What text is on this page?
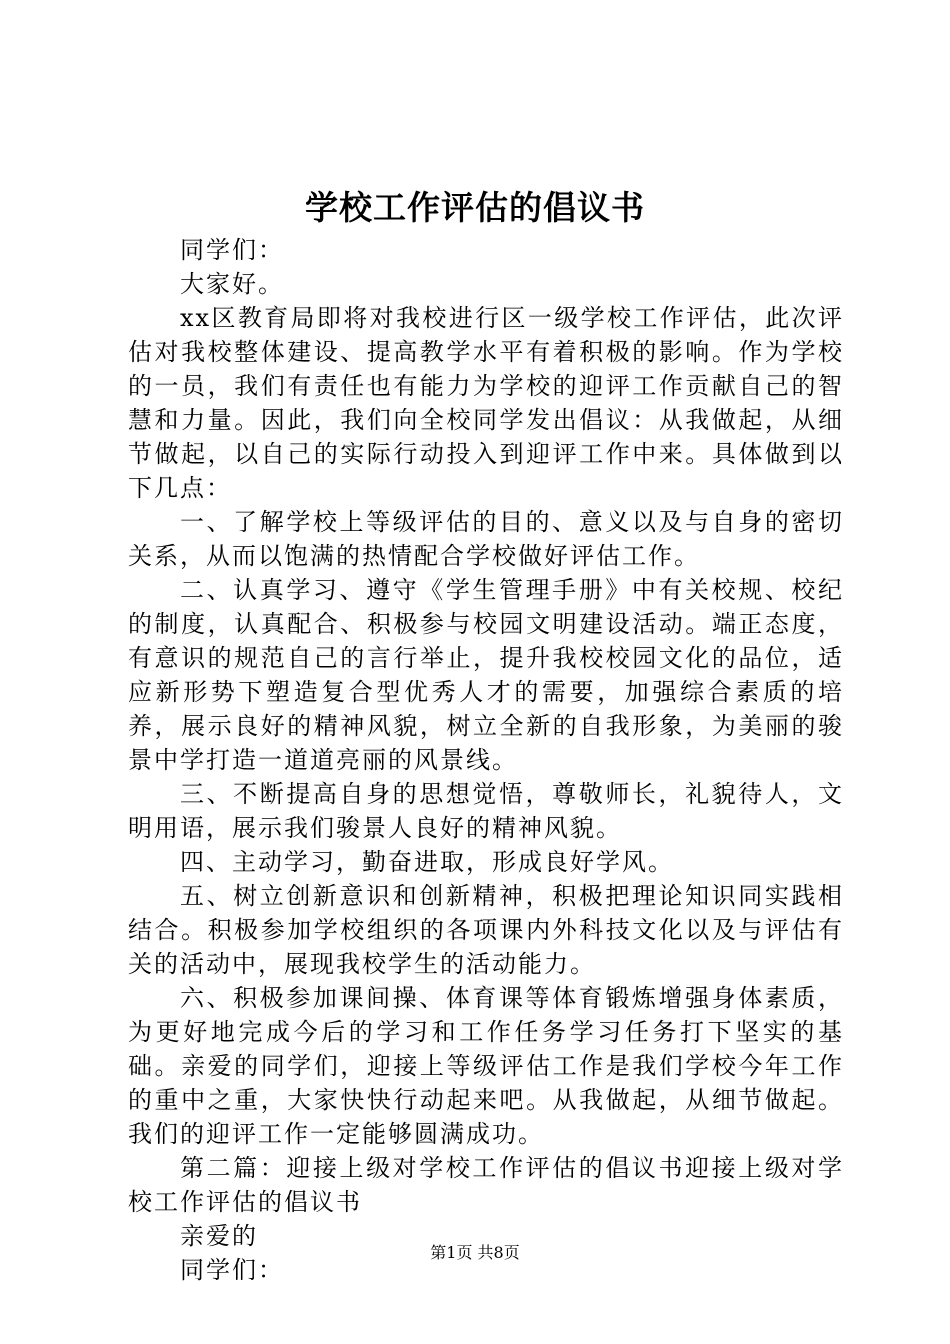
学校工作评估的倡议书

同学们：

大家好。

xx区教育局即将对我校进行区一级学校工作评估，此次评估对我校整体建设、提高教学水平有着积极的影响。作为学校的一员，我们有责任也有能力为学校的迎评工作贡献自己的智慧和力量。因此，我们向全校同学发出倡议：从我做起，从细节做起，以自己的实际行动投入到迎评工作中来。具体做到以下几点：

一、了解学校上等级评估的目的、意义以及与自身的密切关系，从而以饱满的热情配合学校做好评估工作。

二、认真学习、遵守《学生管理手册》中有关校规、校纪的制度，认真配合、积极参与校园文明建设活动。端正态度，有意识的规范自己的言行举止，提升我校校园文化的品位，适应新形势下塑造复合型优秀人才的需要，加强综合素质的培养，展示良好的精神风貌，树立全新的自我形象，为美丽的骏景中学打造一道道亮丽的风景线。

三、不断提高自身的思想觉悟，尊敬师长，礼貌待人，文明用语，展示我们骏景人良好的精神风貌。

四、主动学习，勤奋进取，形成良好学风。

五、树立创新意识和创新精神，积极把理论知识同实践相结合。积极参加学校组织的各项课内外科技文化以及与评估有关的活动中，展现我校学生的活动能力。

六、积极参加课间操、体育课等体育锻炼增强身体素质，为更好地完成今后的学习和工作任务学习任务打下坚实的基础。亲爱的同学们，迎接上等级评估工作是我们学校今年工作的重中之重，大家快快行动起来吧。从我做起，从细节做起。我们的迎评工作一定能够圆满成功。

第二篇：迎接上级对学校工作评估的倡议书迎接上级对学校工作评估的倡议书

亲爱的

同学们：

第1页 共8页
